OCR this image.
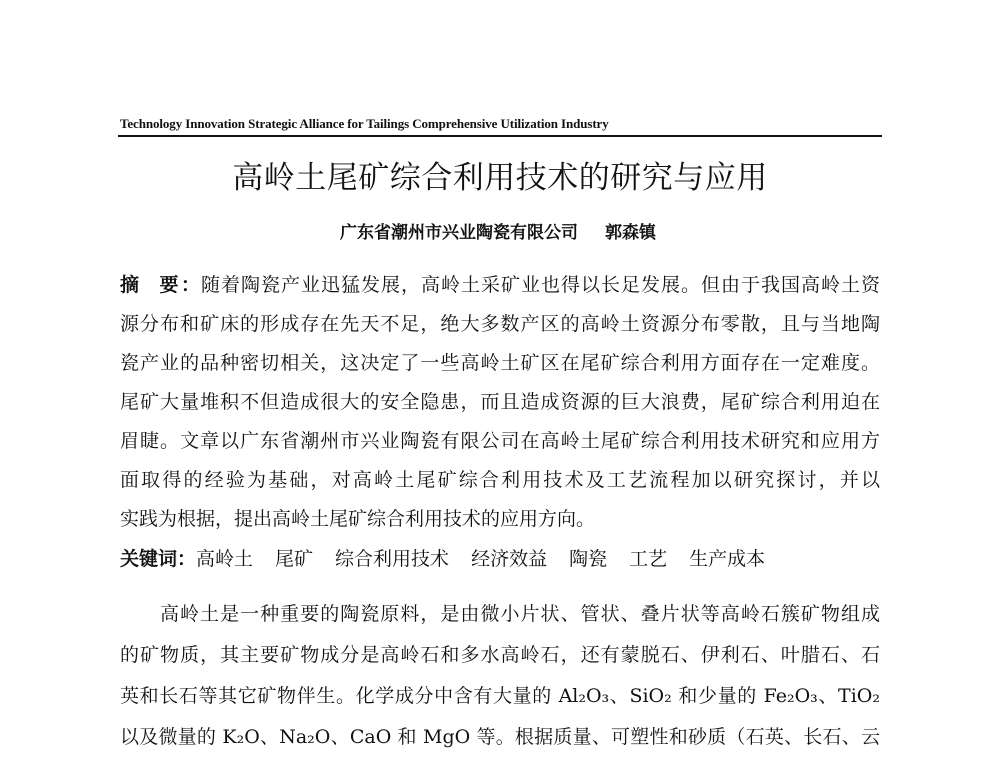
Technology Innovation Strategic Alliance for Tailings Comprehensive Utilization Industry
高岭土尾矿综合利用技术的研究与应用
广东省潮州市兴业陶瓷有限公司 郭森镇
摘  要：随着陶瓷产业迅猛发展，高岭土采矿业也得以长足发展。但由于我国高岭土资
源分布和矿床的形成存在先天不足，绝大多数产区的高岭土资源分布零散，且与当地陶
瓷产业的品种密切相关，这决定了一些高岭土矿区在尾矿综合利用方面存在一定难度。
尾矿大量堆积不但造成很大的安全隐患，而且造成资源的巨大浪费，尾矿综合利用迫在
眉睫。文章以广东省潮州市兴业陶瓷有限公司在高岭土尾矿综合利用技术研究和应用方
面取得的经验为基础，对高岭土尾矿综合利用技术及工艺流程加以研究探讨，并以
实践为根据，提出高岭土尾矿综合利用技术的应用方向。
关键词：高岭土 尾矿 综合利用技术 经济效益 陶瓷 工艺 生产成本
高岭土是一种重要的陶瓷原料，是由微小片状、管状、叠片状等高岭石簇矿物组成
的矿物质，其主要矿物成分是高岭石和多水高岭石，还有蒙脱石、伊利石、叶腊石、石
英和长石等其它矿物伴生。化学成分中含有大量的 Al₂O₃、SiO₂ 和少量的 Fe₂O₃、TiO₂
以及微量的 K₂O、Na₂O、CaO 和 MgO 等。根据质量、可塑性和砂质（石英、长石、云
